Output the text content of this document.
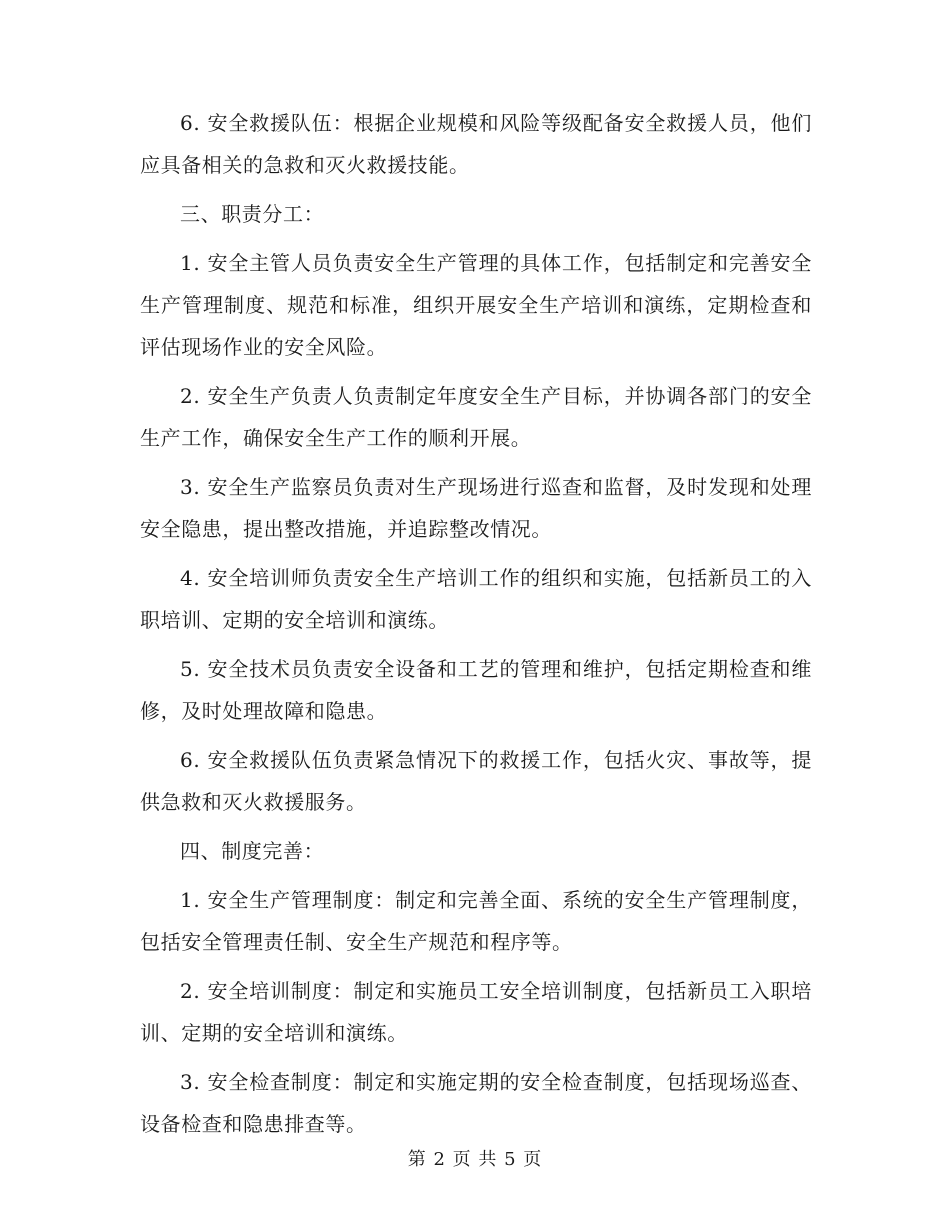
6. 安全救援队伍：根据企业规模和风险等级配备安全救援人员，他们应具备相关的急救和灭火救援技能。

三、职责分工：

1. 安全主管人员负责安全生产管理的具体工作，包括制定和完善安全生产管理制度、规范和标准，组织开展安全生产培训和演练，定期检查和评估现场作业的安全风险。

2. 安全生产负责人负责制定年度安全生产目标，并协调各部门的安全生产工作，确保安全生产工作的顺利开展。

3. 安全生产监察员负责对生产现场进行巡查和监督，及时发现和处理安全隐患，提出整改措施，并追踪整改情况。

4. 安全培训师负责安全生产培训工作的组织和实施，包括新员工的入职培训、定期的安全培训和演练。

5. 安全技术员负责安全设备和工艺的管理和维护，包括定期检查和维修，及时处理故障和隐患。

6. 安全救援队伍负责紧急情况下的救援工作，包括火灾、事故等，提供急救和灭火救援服务。

四、制度完善：

1. 安全生产管理制度：制定和完善全面、系统的安全生产管理制度，包括安全管理责任制、安全生产规范和程序等。

2. 安全培训制度：制定和实施员工安全培训制度，包括新员工入职培训、定期的安全培训和演练。

3. 安全检查制度：制定和实施定期的安全检查制度，包括现场巡查、设备检查和隐患排查等。

第 2 页 共 5 页
